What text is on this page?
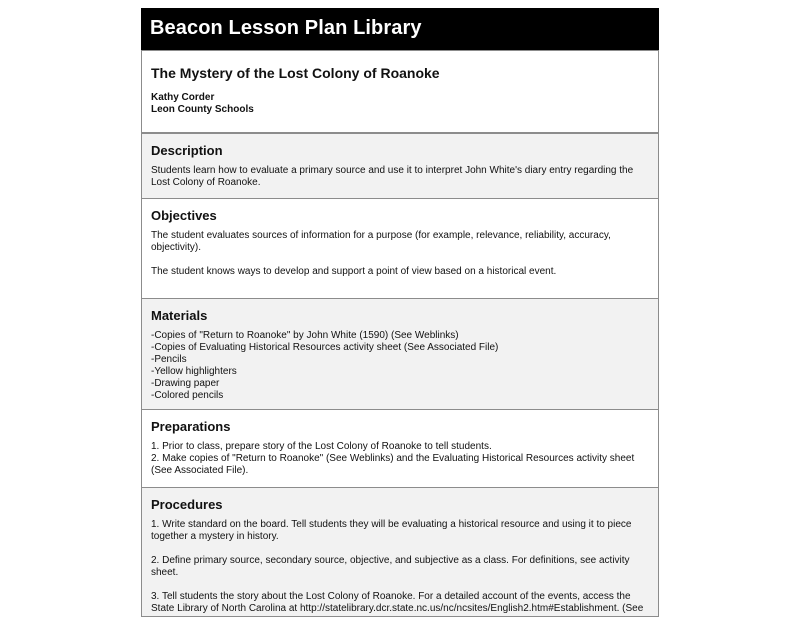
Beacon Lesson Plan Library
The Mystery of the Lost Colony of Roanoke
Kathy Corder
Leon County Schools
Description

Students learn how to evaluate a primary source and use it to interpret John White's diary entry regarding the Lost Colony of Roanoke.

Objectives

The student evaluates sources of information for a purpose (for example, relevance, reliability, accuracy, objectivity).

The student knows ways to develop and support a point of view based on a historical event.

Materials
-Copies of "Return to Roanoke" by John White (1590) (See Weblinks)
-Copies of Evaluating Historical Resources activity sheet (See Associated File)
-Pencils
-Yellow highlighters
-Drawing paper
-Colored pencils
Preparations
1. Prior to class, prepare story of the Lost Colony of Roanoke to tell students.
2. Make copies of "Return to Roanoke" (See Weblinks) and the Evaluating Historical Resources activity sheet (See Associated File).
Procedures

1. Write standard on the board. Tell students they will be evaluating a historical resource and using it to piece together a mystery in history.

2. Define primary source, secondary source, objective, and subjective as a class. For definitions, see activity sheet.

3. Tell students the story about the Lost Colony of Roanoke. For a detailed account of the events, access the State Library of North Carolina at http://statelibrary.dcr.state.nc.us/nc/ncsites/English2.htm#Establishment. (See
